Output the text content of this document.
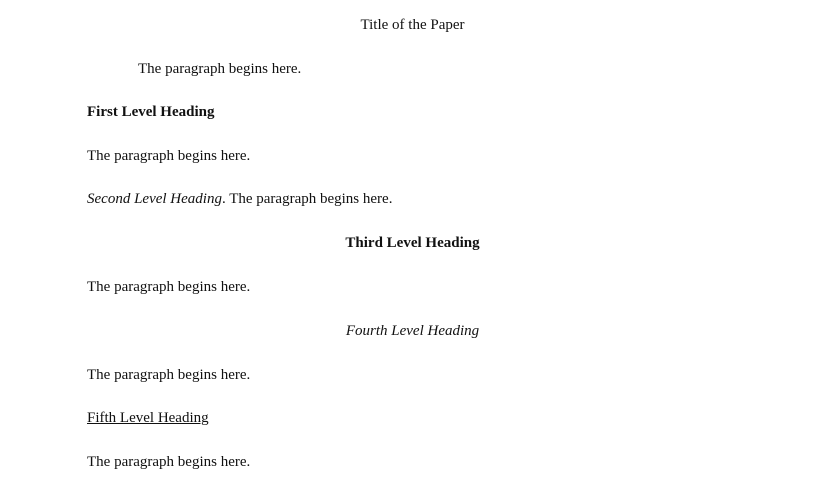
Title of the Paper
The paragraph begins here.
First Level Heading
The paragraph begins here.
Second Level Heading. The paragraph begins here.
Third Level Heading
The paragraph begins here.
Fourth Level Heading
The paragraph begins here.
Fifth Level Heading
The paragraph begins here.
